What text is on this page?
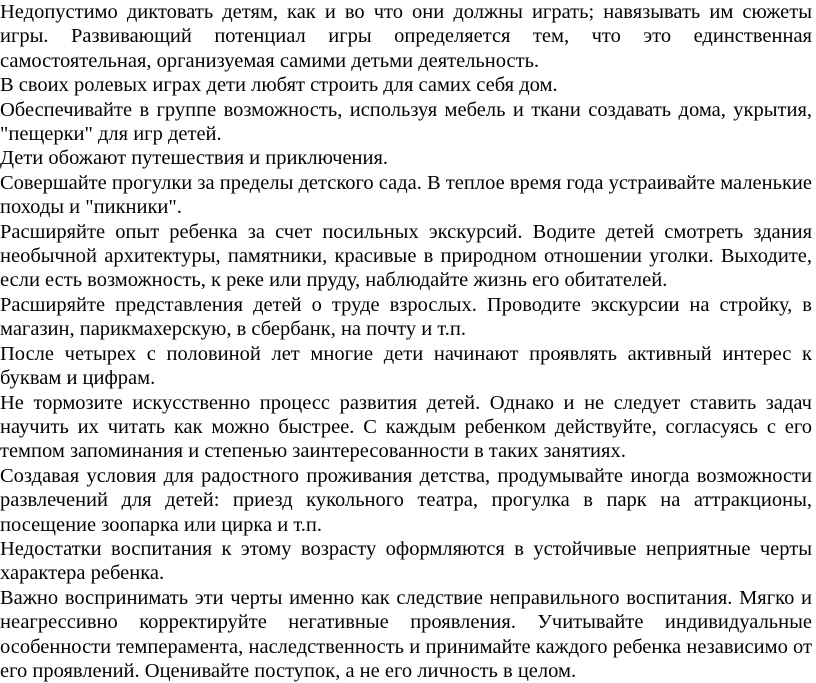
Недопустимо диктовать детям, как и во что они должны играть; навязывать им сюжеты игры. Развивающий потенциал игры определяется тем, что это единственная самостоятельная, организуемая самими детьми деятельность.

В своих ролевых играх дети любят строить для самих себя дом.

Обеспечивайте в группе возможность, используя мебель и ткани создавать дома, укрытия, "пещерки" для игр детей.

Дети обожают путешествия и приключения.

Совершайте прогулки за пределы детского сада. В теплое время года устраивайте маленькие походы и "пикники".

Расширяйте опыт ребенка за счет посильных экскурсий. Водите детей смотреть здания необычной архитектуры, памятники, красивые в природном отношении уголки. Выходите, если есть возможность, к реке или пруду, наблюдайте жизнь его обитателей.

Расширяйте представления детей о труде взрослых. Проводите экскурсии на стройку, в магазин, парикмахерскую, в сбербанк, на почту и т.п.

После четырех с половиной лет многие дети начинают проявлять активный интерес к буквам и цифрам.

Не тормозите искусственно процесс развития детей. Однако и не следует ставить задач научить их читать как можно быстрее. С каждым ребенком действуйте, согласуясь с его темпом запоминания и степенью заинтересованности в таких занятиях.

Создавая условия для радостного проживания детства, продумывайте иногда возможности развлечений для детей: приезд кукольного театра, прогулка в парк на аттракционы, посещение зоопарка или цирка и т.п.

Недостатки воспитания к этому возрасту оформляются в устойчивые неприятные черты характера ребенка.

Важно воспринимать эти черты именно как следствие неправильного воспитания. Мягко и неагрессивно корректируйте негативные проявления. Учитывайте индивидуальные особенности темперамента, наследственность и принимайте каждого ребенка независимо от его проявлений. Оценивайте поступок, а не его личность в целом.
